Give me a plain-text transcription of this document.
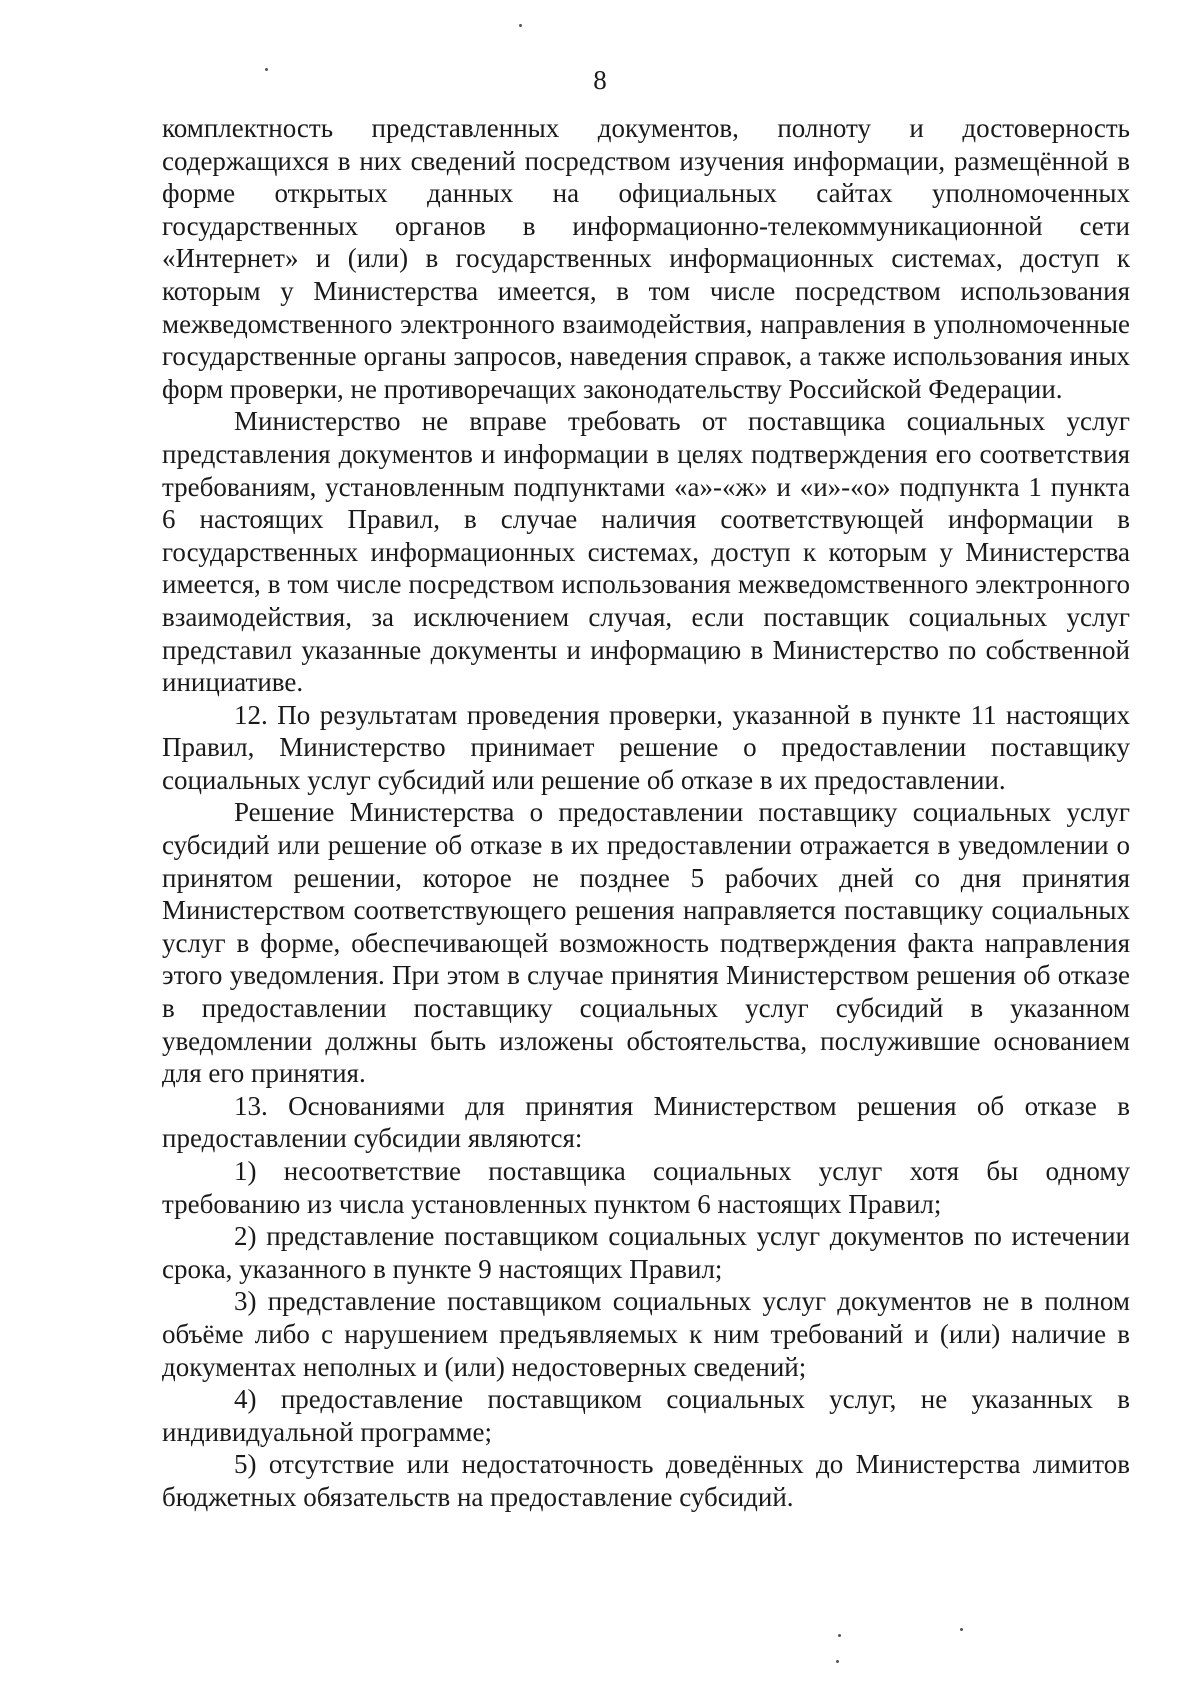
8

комплектность представленных документов, полноту и достоверность содержащихся в них сведений посредством изучения информации, размещённой в форме открытых данных на официальных сайтах уполномоченных государственных органов в информационно-телекоммуникационной сети «Интернет» и (или) в государственных информационных системах, доступ к которым у Министерства имеется, в том числе посредством использования межведомственного электронного взаимодействия, направления в уполномоченные государственные органы запросов, наведения справок, а также использования иных форм проверки, не противоречащих законодательству Российской Федерации.

Министерство не вправе требовать от поставщика социальных услуг представления документов и информации в целях подтверждения его соответствия требованиям, установленным подпунктами «а»-«ж» и «и»-«о» подпункта 1 пункта 6 настоящих Правил, в случае наличия соответствующей информации в государственных информационных системах, доступ к которым у Министерства имеется, в том числе посредством использования межведомственного электронного взаимодействия, за исключением случая, если поставщик социальных услуг представил указанные документы и информацию в Министерство по собственной инициативе.

12. По результатам проведения проверки, указанной в пункте 11 настоящих Правил, Министерство принимает решение о предоставлении поставщику социальных услуг субсидий или решение об отказе в их предоставлении.

Решение Министерства о предоставлении поставщику социальных услуг субсидий или решение об отказе в их предоставлении отражается в уведомлении о принятом решении, которое не позднее 5 рабочих дней со дня принятия Министерством соответствующего решения направляется поставщику социальных услуг в форме, обеспечивающей возможность подтверждения факта направления этого уведомления. При этом в случае принятия Министерством решения об отказе в предоставлении поставщику социальных услуг субсидий в указанном уведомлении должны быть изложены обстоятельства, послужившие основанием для его принятия.

13. Основаниями для принятия Министерством решения об отказе в предоставлении субсидии являются:

1) несоответствие поставщика социальных услуг хотя бы одному требованию из числа установленных пунктом 6 настоящих Правил;

2) представление поставщиком социальных услуг документов по истечении срока, указанного в пункте 9 настоящих Правил;

3) представление поставщиком социальных услуг документов не в полном объёме либо с нарушением предъявляемых к ним требований и (или) наличие в документах неполных и (или) недостоверных сведений;

4) предоставление поставщиком социальных услуг, не указанных в индивидуальной программе;

5) отсутствие или недостаточность доведённых до Министерства лимитов бюджетных обязательств на предоставление субсидий.
